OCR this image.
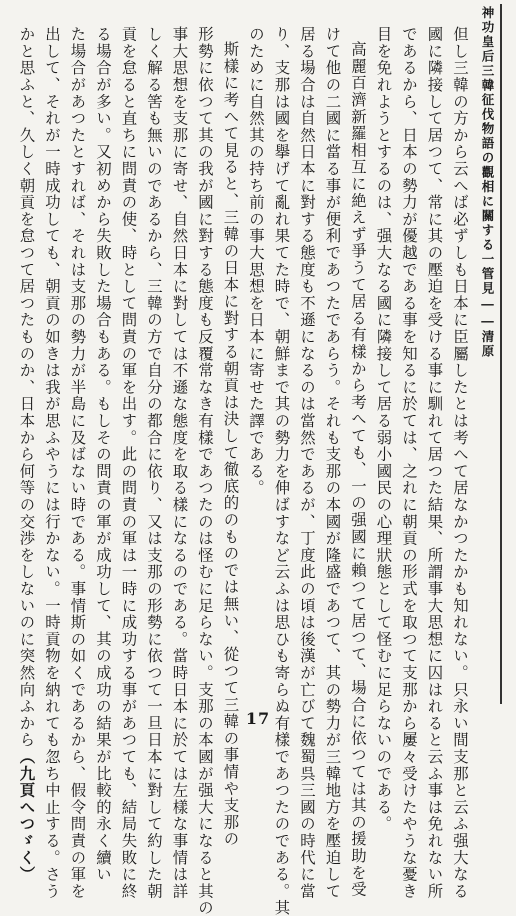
神功皇后三韓征伐物語の觀相に關する一管見――清原
但し三韓の方から云へば必ずしも日本に臣屬したとは考へて居なかつたかも知れない。只永い間支那と云ふ强大なる
國に隣接して居つて、常に其の壓迫を受ける事に馴れて居つた結果、所謂事大思想に囚はれると云ふ事は免れない所
であるから、日本の勢力が優越である事を知るに於ては、之れに朝貢の形式を取つて支那から屢々受けたやうな憂き
目を免れようとするのは、强大なる國に隣接して居る弱小國民の心理狀態として怪むに足らないのである。
高麗百濟新羅相互に絶えず爭うて居る有樣から考へても、一の强國に賴つて居つて、場合に依つては其の援助を受
けて他の二國に當る事が便利であつたであらう。それも支那の本國が隆盛であつて、其の勢力が三韓地方を壓迫して
居る場合は自然日本に對する態度も不遜になるのは當然であるが、丁度此の頃は後漢が亡びて魏蜀呉三國の時代に當
り、支那は國を擧げて亂れ果てた時で、朝鮮まで其の勢力を伸ばすなど云ふは思ひも寄らぬ有樣であつたのである。其
のために自然其の持ち前の事大思想を日本に寄せた譯である。
斯樣に考へて見ると、三韓の日本に對する朝貢は決して徹底的のものでは無い、從つて三韓の事情や支那の
形勢に依つて其の我が國に對する態度も反覆常なき有樣であつたのは怪むに足らない。支那の本國が强大になると其の
事大思想を支那に寄せ、自然日本に對しては不遜な態度を取る樣になるのである。當時日本に於ては左樣な事情は詳
しく解る筈も無いのであるから、三韓の方で自分の都合に依り、又は支那の形勢に依つて一旦日本に對して約した朝
貢を怠ると直ちに問責の使、時として問責の軍を出す。此の問責の軍は一時に成功する事があつても、結局失敗に終
る場合が多い。又初めから失敗した場合もある。もしその問責の軍が成功して、其の成功の結果が比較的永く續い
た場合があつたとすれば、それは支那の勢力が半島に及ばない時である。事情斯の如くであるから、假令問責の軍を
出して、それが一時成功しても、朝貢の如きは我が思ふやうには行かない。一時貢物を納れても忽ち中止する。さう
かと思ふと、久しく朝貢を怠つて居つたものか、日本から何等の交渉をしないのに突然向ふから（九頁へつゞく）
17
